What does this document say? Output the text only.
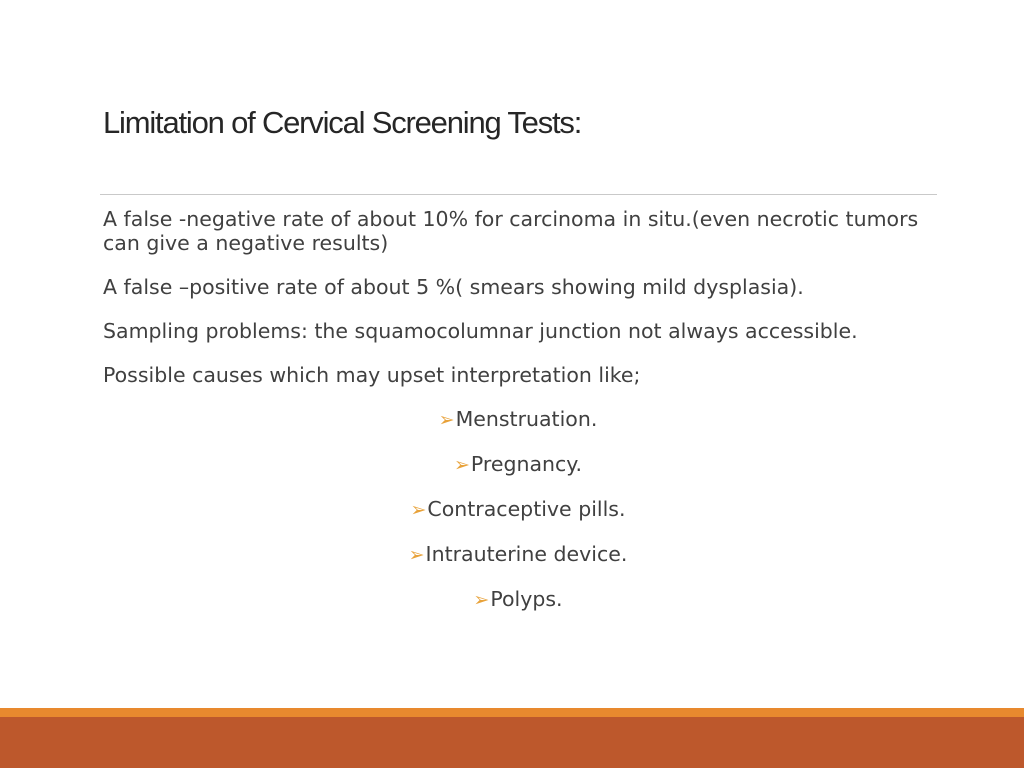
Limitation of Cervical Screening Tests:

A false -negative rate of about 10% for carcinoma in situ.(even necrotic tumors can give a negative results)

A false –positive rate of about 5 %( smears showing mild dysplasia).

Sampling problems: the squamocolumnar junction not always accessible.

Possible causes which may upset interpretation like;

➢Menstruation.
➢Pregnancy.
➢Contraceptive pills.
➢Intrauterine device.
➢Polyps.
